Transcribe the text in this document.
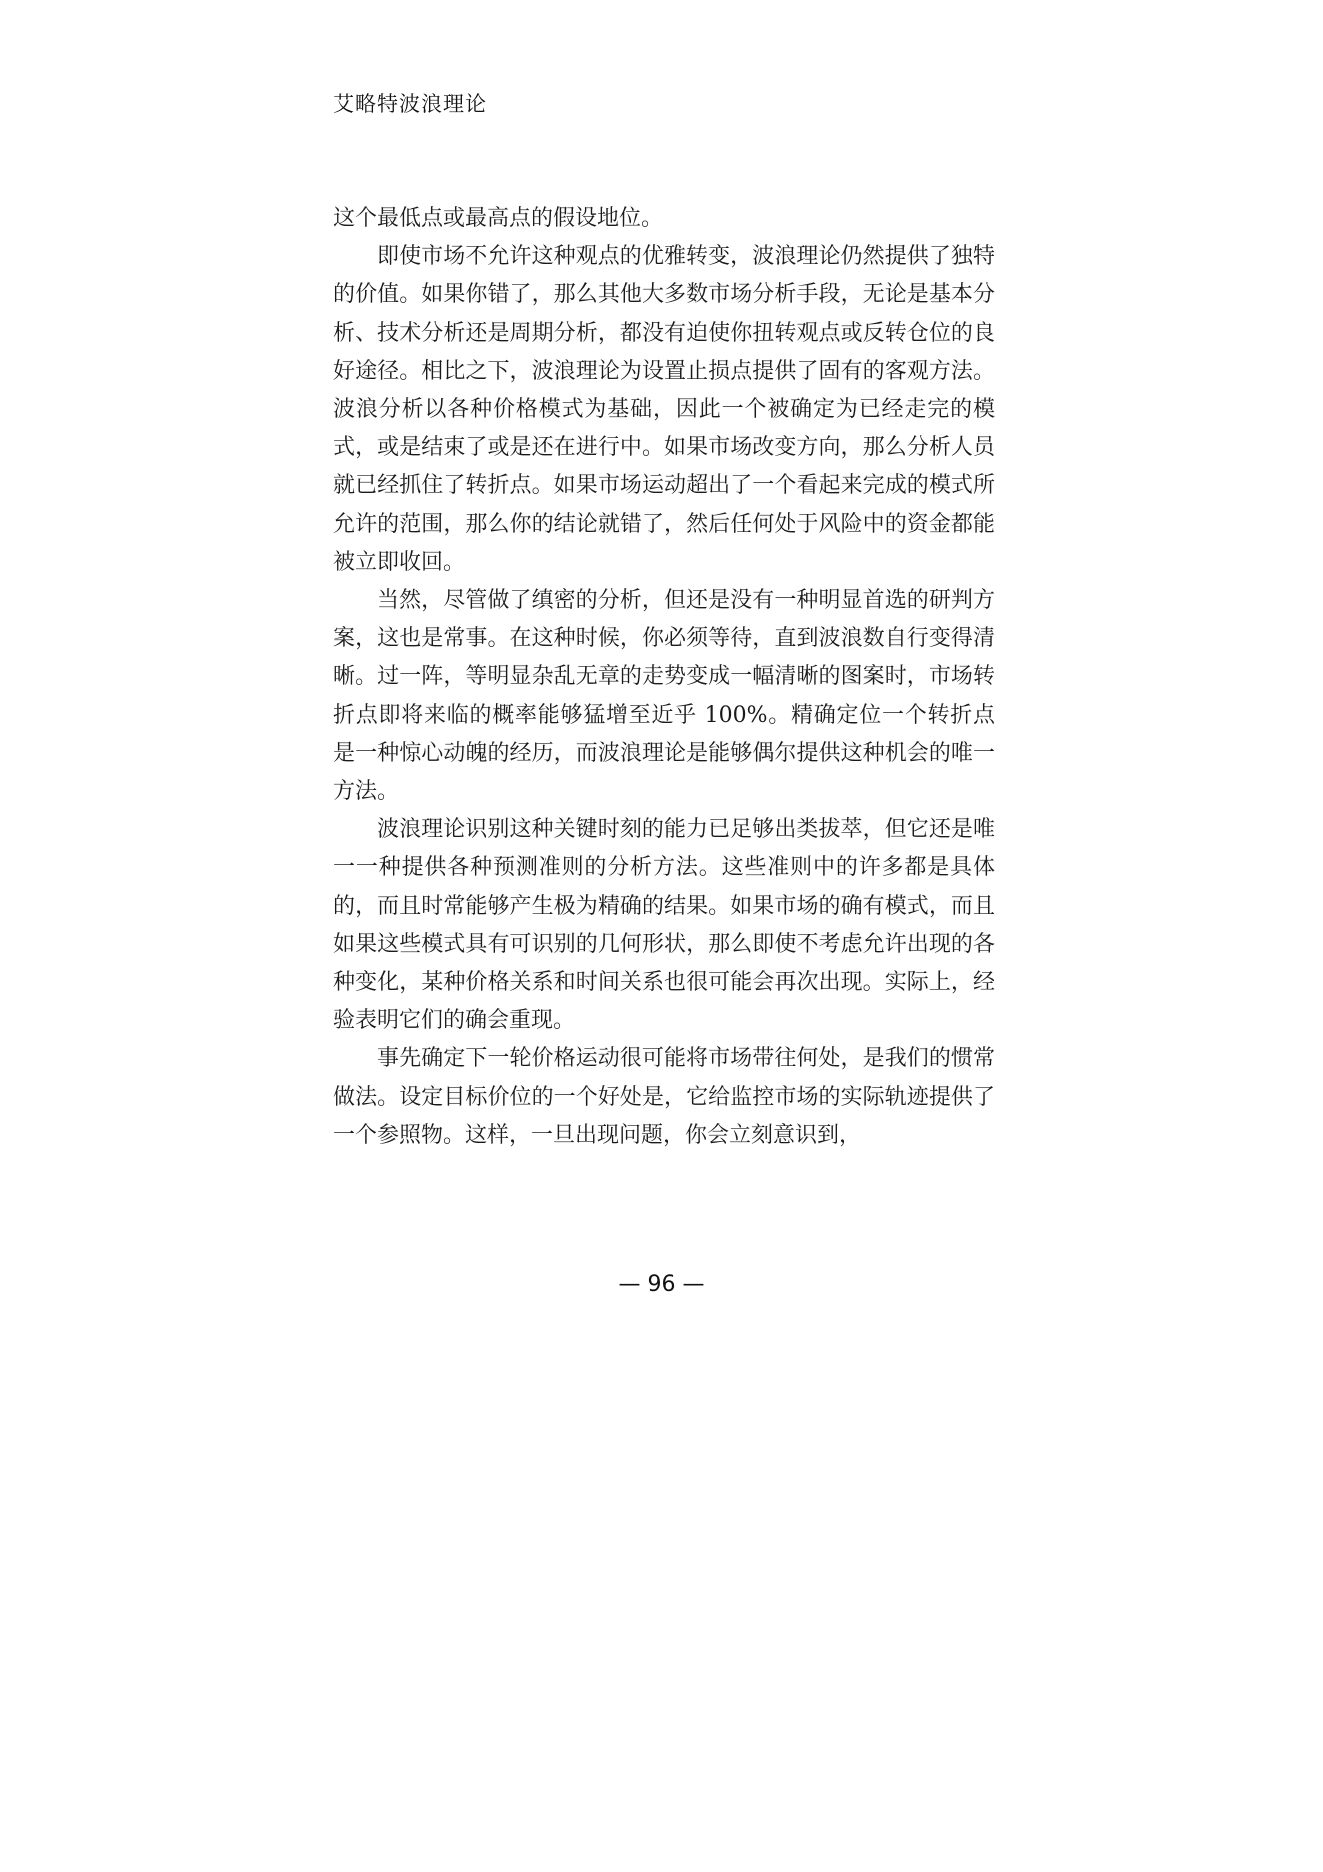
艾略特波浪理论

这个最低点或最高点的假设地位。

即使市场不允许这种观点的优雅转变，波浪理论仍然提供了独特的价值。如果你错了，那么其他大多数市场分析手段，无论是基本分析、技术分析还是周期分析，都没有迫使你扭转观点或反转仓位的良好途径。相比之下，波浪理论为设置止损点提供了固有的客观方法。波浪分析以各种价格模式为基础，因此一个被确定为已经走完的模式，或是结束了或是还在进行中。如果市场改变方向，那么分析人员就已经抓住了转折点。如果市场运动超出了一个看起来完成的模式所允许的范围，那么你的结论就错了，然后任何处于风险中的资金都能被立即收回。

当然，尽管做了缜密的分析，但还是没有一种明显首选的研判方案，这也是常事。在这种时候，你必须等待，直到波浪数自行变得清晰。过一阵，等明显杂乱无章的走势变成一幅清晰的图案时，市场转折点即将来临的概率能够猛增至近乎 100%。精确定位一个转折点是一种惊心动魄的经历，而波浪理论是能够偶尔提供这种机会的唯一方法。

波浪理论识别这种关键时刻的能力已足够出类拔萃，但它还是唯一一种提供各种预测准则的分析方法。这些准则中的许多都是具体的，而且时常能够产生极为精确的结果。如果市场的确有模式，而且如果这些模式具有可识别的几何形状，那么即使不考虑允许出现的各种变化，某种价格关系和时间关系也很可能会再次出现。实际上，经验表明它们的确会重现。

事先确定下一轮价格运动很可能将市场带往何处，是我们的惯常做法。设定目标价位的一个好处是，它给监控市场的实际轨迹提供了一个参照物。这样，一旦出现问题，你会立刻意识到，

— 96 —
